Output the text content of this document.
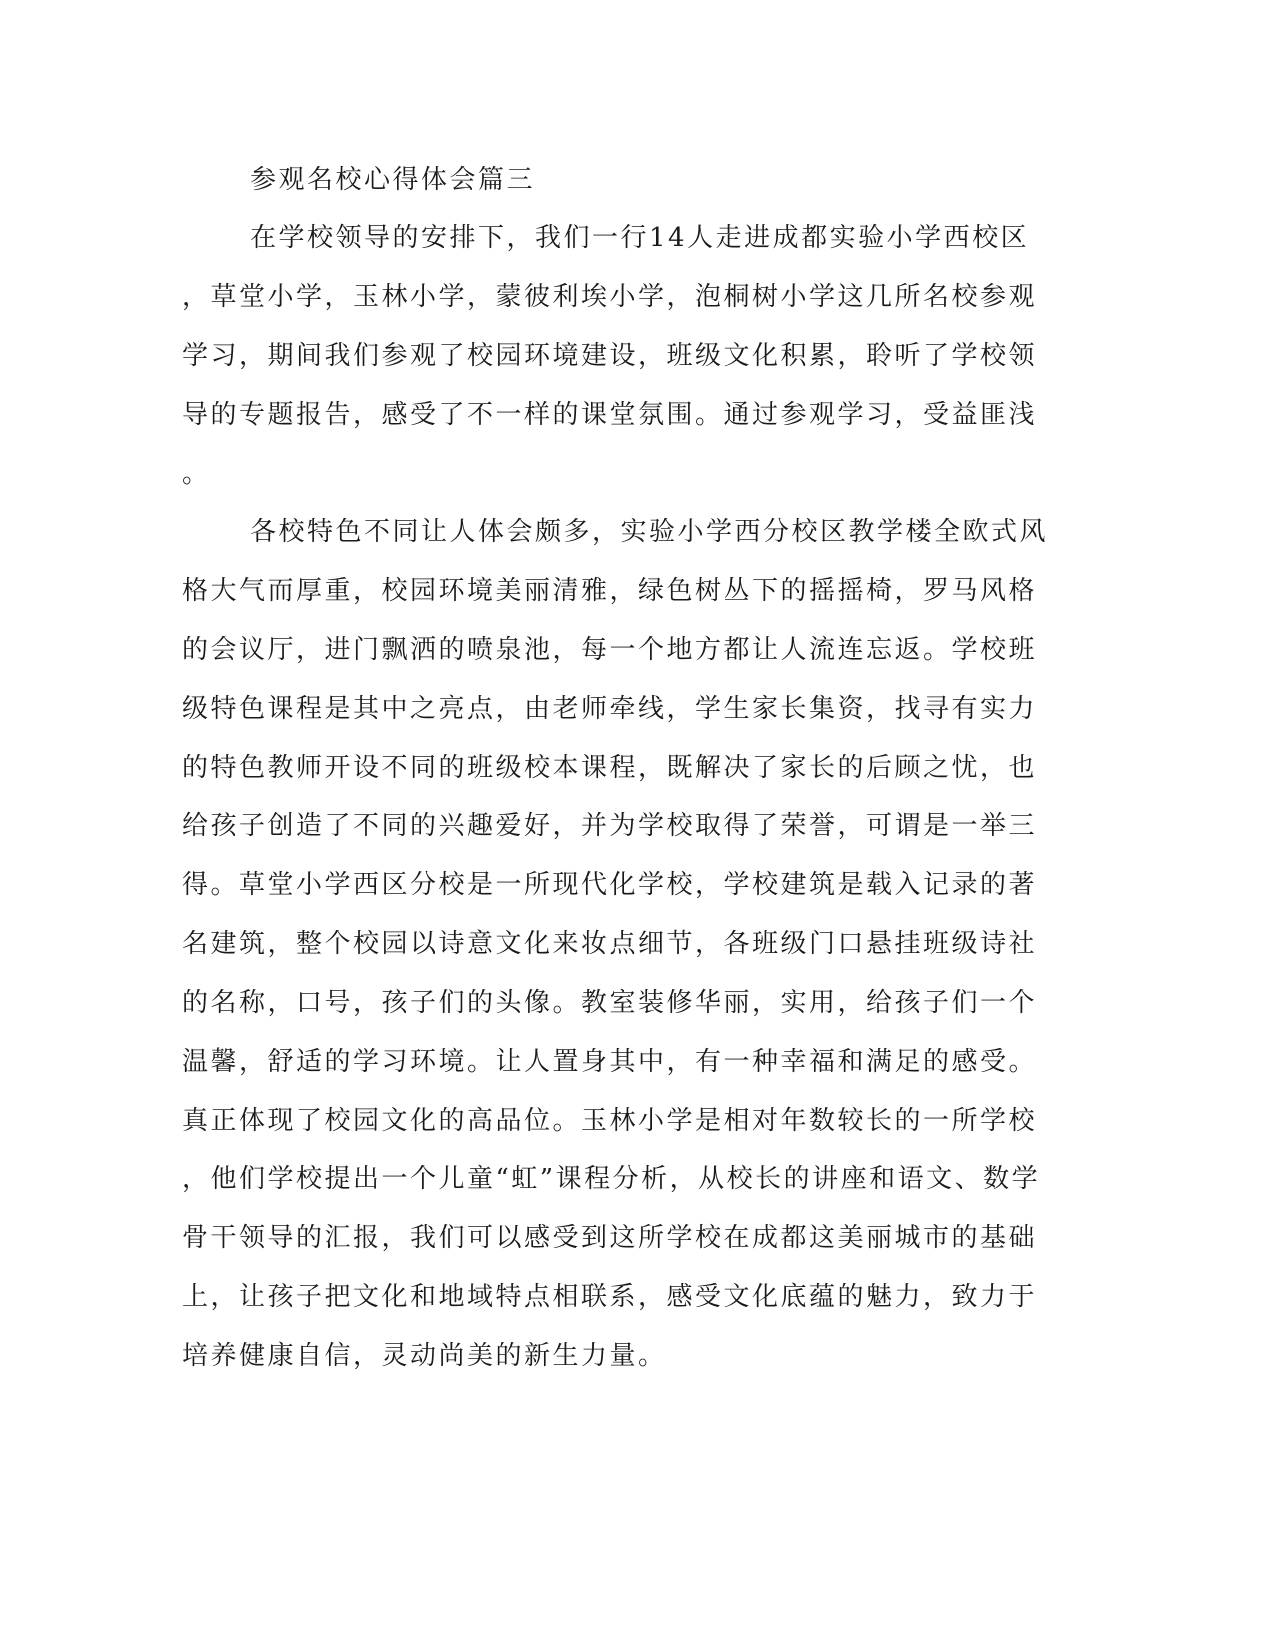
参观名校心得体会篇三

在学校领导的安排下，我们一行14人走进成都实验小学西校区

，草堂小学，玉林小学，蒙彼利埃小学，泡桐树小学这几所名校参观

学习，期间我们参观了校园环境建设，班级文化积累，聆听了学校领

导的专题报告，感受了不一样的课堂氛围。通过参观学习，受益匪浅

。

各校特色不同让人体会颇多，实验小学西分校区教学楼全欧式风

格大气而厚重，校园环境美丽清雅，绿色树丛下的摇摇椅，罗马风格

的会议厅，进门飘洒的喷泉池，每一个地方都让人流连忘返。学校班

级特色课程是其中之亮点，由老师牵线，学生家长集资，找寻有实力

的特色教师开设不同的班级校本课程，既解决了家长的后顾之忧，也

给孩子创造了不同的兴趣爱好，并为学校取得了荣誉，可谓是一举三

得。草堂小学西区分校是一所现代化学校，学校建筑是载入记录的著

名建筑，整个校园以诗意文化来妆点细节，各班级门口悬挂班级诗社

的名称，口号，孩子们的头像。教室装修华丽，实用，给孩子们一个

温馨，舒适的学习环境。让人置身其中，有一种幸福和满足的感受。

真正体现了校园文化的高品位。玉林小学是相对年数较长的一所学校

，他们学校提出一个儿童“虹”课程分析，从校长的讲座和语文、数学

骨干领导的汇报，我们可以感受到这所学校在成都这美丽城市的基础

上，让孩子把文化和地域特点相联系，感受文化底蕴的魅力，致力于

培养健康自信，灵动尚美的新生力量。
